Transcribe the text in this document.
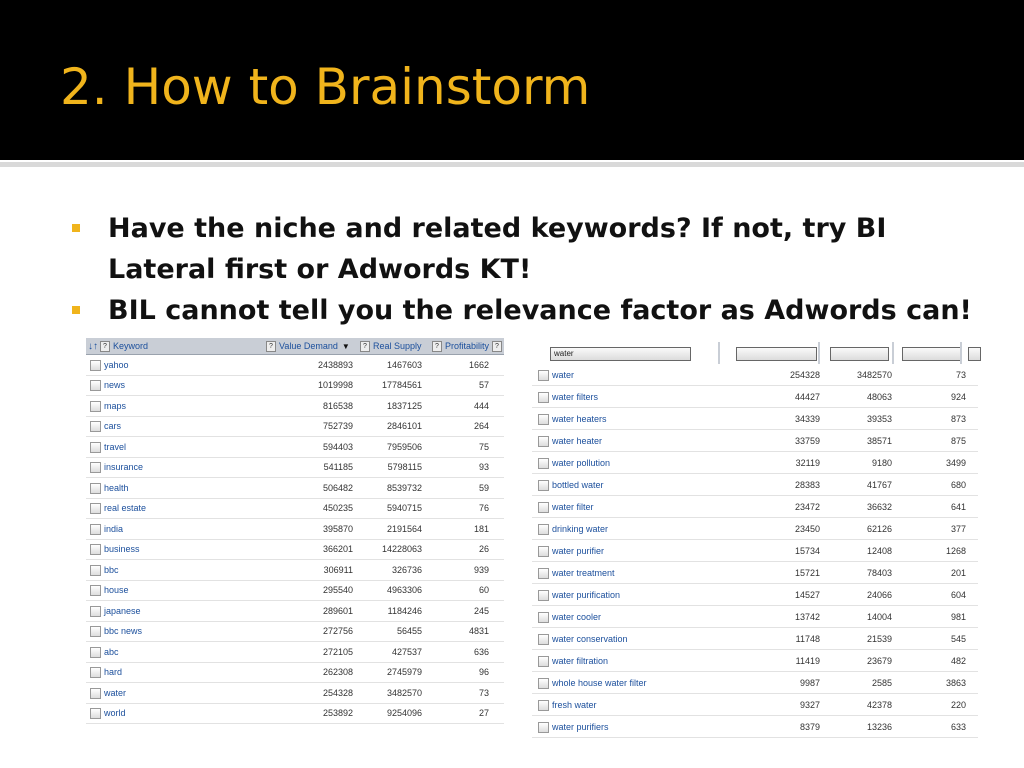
2. How to Brainstorm
Have the niche and related keywords? If not, try BI Lateral first or Adwords KT!
BIL cannot tell you the relevance factor as Adwords can!
↓↑ ? Keyword	? Value Demand ▼	? Real Supply	? Profitability ?
yahoo	2438893	1467603	1662
news	1019998	17784561	57
maps	816538	1837125	444
cars	752739	2846101	264
travel	594403	7959506	75
insurance	541185	5798115	93
health	506482	8539732	59
real estate	450235	5940715	76
india	395870	2191564	181
business	366201	14228063	26
bbc	306911	326736	939
house	295540	4963306	60
japanese	289601	1184246	245
bbc news	272756	56455	4831
abc	272105	427537	636
hard	262308	2745979	96
water	254328	3482570	73
world	253892	9254096	27
water
water	254328	3482570	73
water filters	44427	48063	924
water heaters	34339	39353	873
water heater	33759	38571	875
water pollution	32119	9180	3499
bottled water	28383	41767	680
water filter	23472	36632	641
drinking water	23450	62126	377
water purifier	15734	12408	1268
water treatment	15721	78403	201
water purification	14527	24066	604
water cooler	13742	14004	981
water conservation	11748	21539	545
water filtration	11419	23679	482
whole house water filter	9987	2585	3863
fresh water	9327	42378	220
water purifiers	8379	13236	633
